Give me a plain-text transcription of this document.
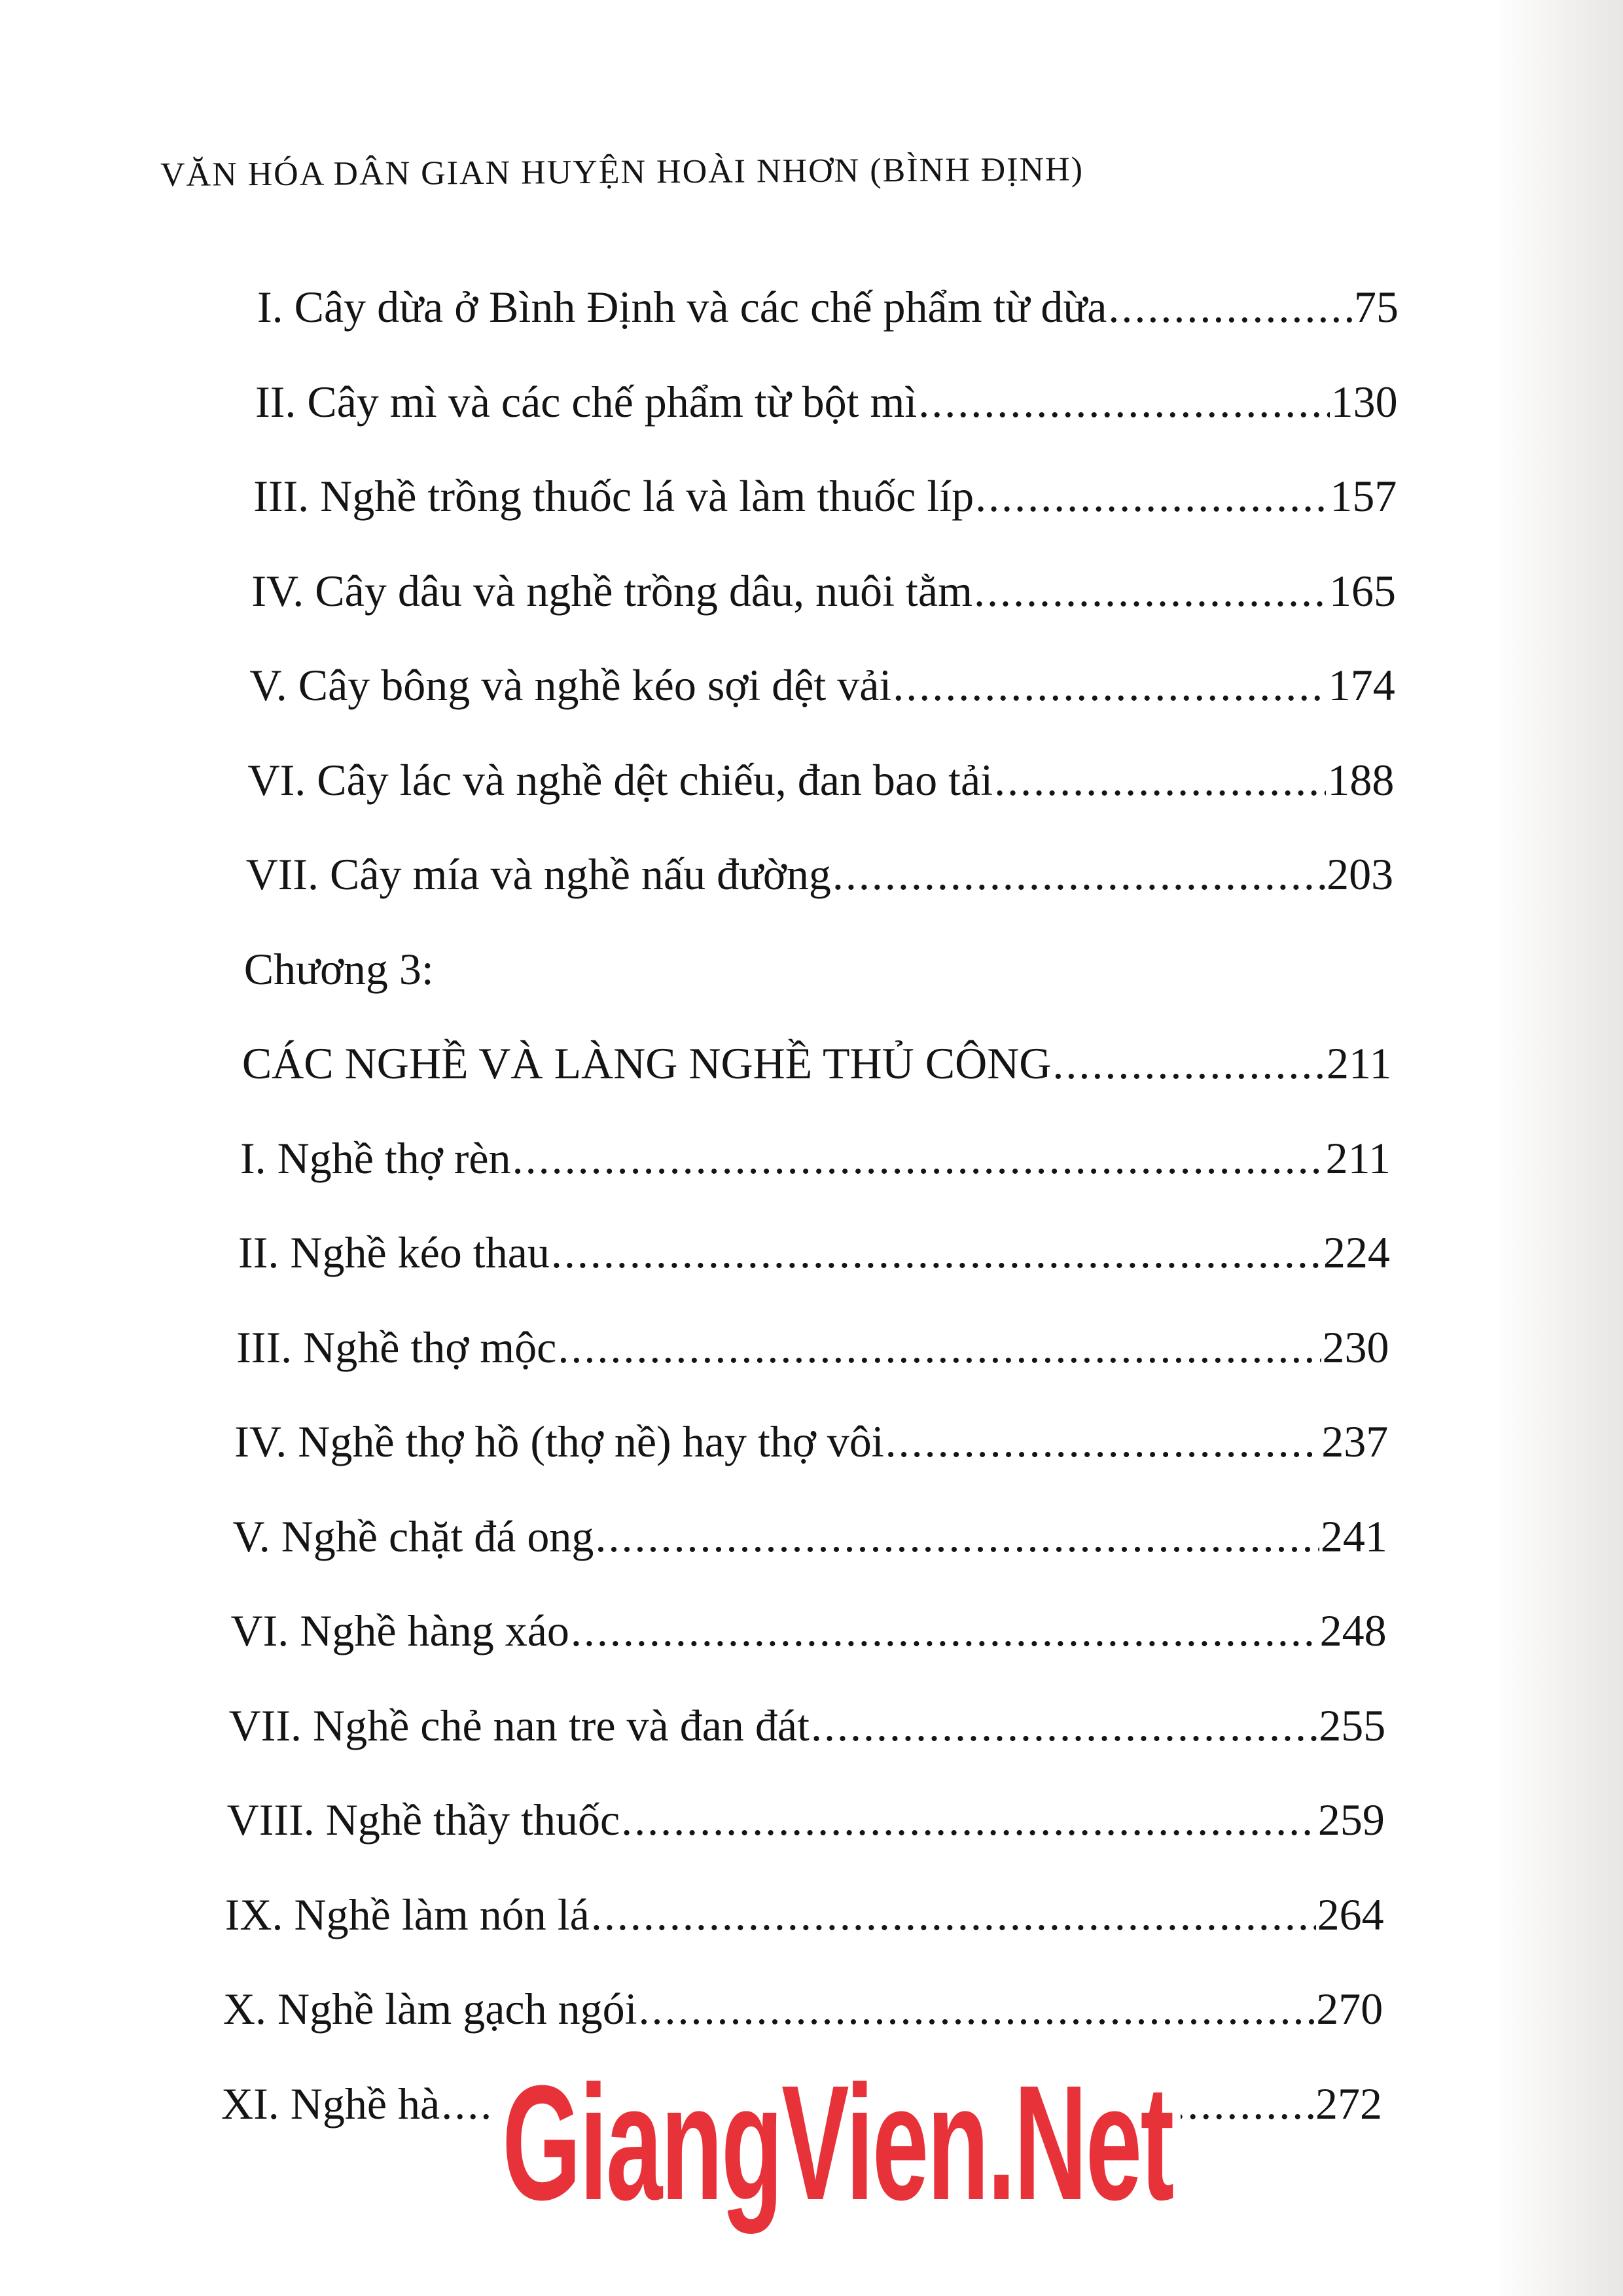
VĂN HÓA DÂN GIAN HUYỆN HOÀI NHƠN (BÌNH ĐỊNH)
I. Cây dừa ở Bình Định và các chế phẩm từ dừa .....	75
II. Cây mì và các chế phẩm từ bột mì .....	130
III. Nghề trồng thuốc lá và làm thuốc líp .....	157
IV. Cây dâu và nghề trồng dâu, nuôi tằm .....	165
V. Cây bông và nghề kéo sợi dệt vải .....	174
VI. Cây lác và nghề dệt chiếu, đan bao tải .....	188
VII. Cây mía và nghề nấu đường .....	203
Chương 3:
CÁC NGHỀ VÀ LÀNG NGHỀ THỦ CÔNG .....	211
I. Nghề thợ rèn .....	211
II. Nghề kéo thau .....	224
III. Nghề thợ mộc .....	230
IV. Nghề thợ hồ (thợ nề) hay thợ vôi .....	237
V. Nghề chặt đá ong .....	241
VI. Nghề hàng xáo .....	248
VII. Nghề chẻ nan tre và đan đát .....	255
VIII. Nghề thầy thuốc .....	259
IX. Nghề làm nón lá .....	264
X. Nghề làm gạch ngói .....	270
XI. Nghề hà .....	272
GiangVien.Net
